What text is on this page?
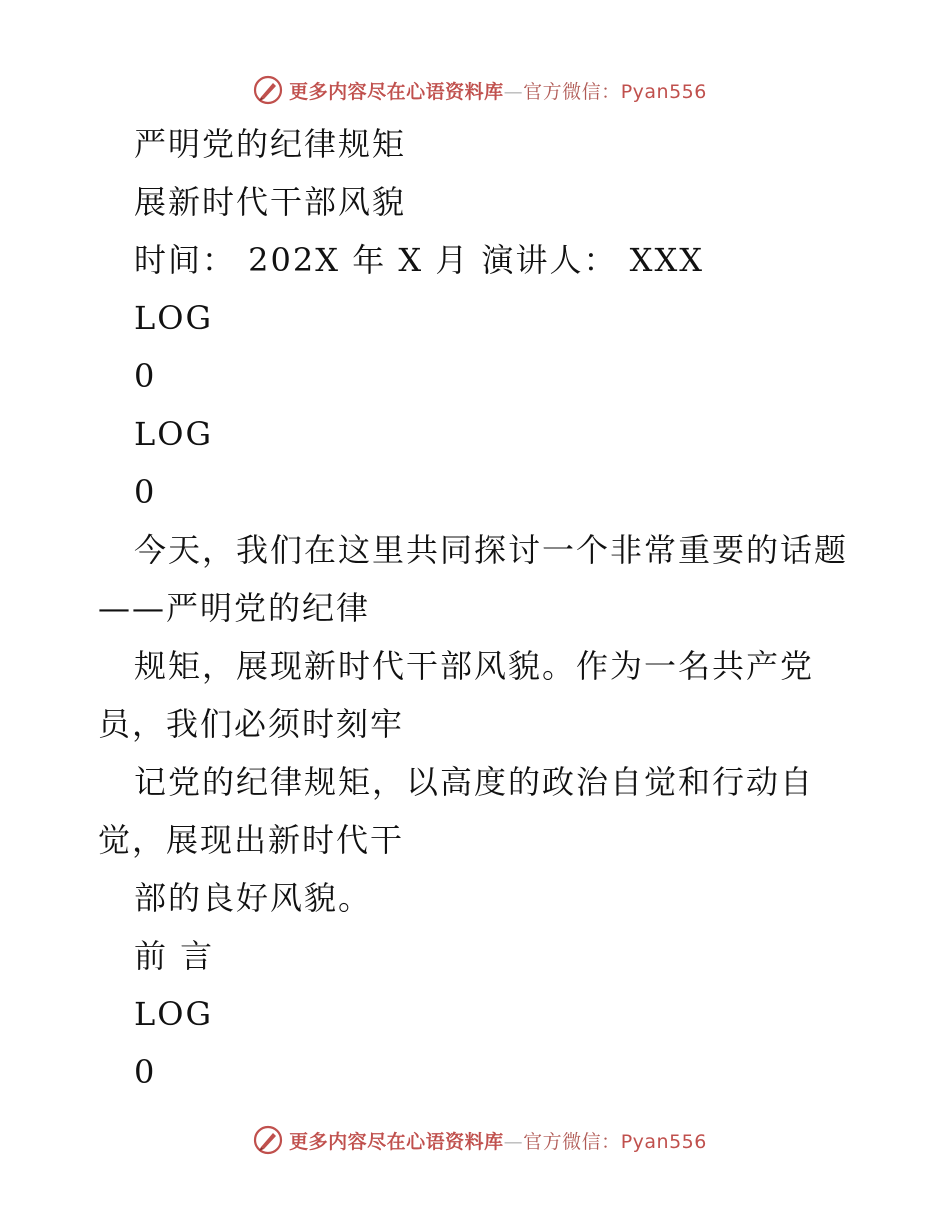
更多内容尽在心语资料库—官方微信：Pyan556
严明党的纪律规矩
展新时代干部风貌
时间： 202X 年 X 月 演讲人： XXX
LOG
0
LOG
0
今天，我们在这里共同探讨一个非常重要的话题
——严明党的纪律
规矩，展现新时代干部风貌。作为一名共产党
员，我们必须时刻牢
记党的纪律规矩，以高度的政治自觉和行动自
觉，展现出新时代干
部的良好风貌。
前 言
LOG
0
更多内容尽在心语资料库—官方微信：Pyan556
